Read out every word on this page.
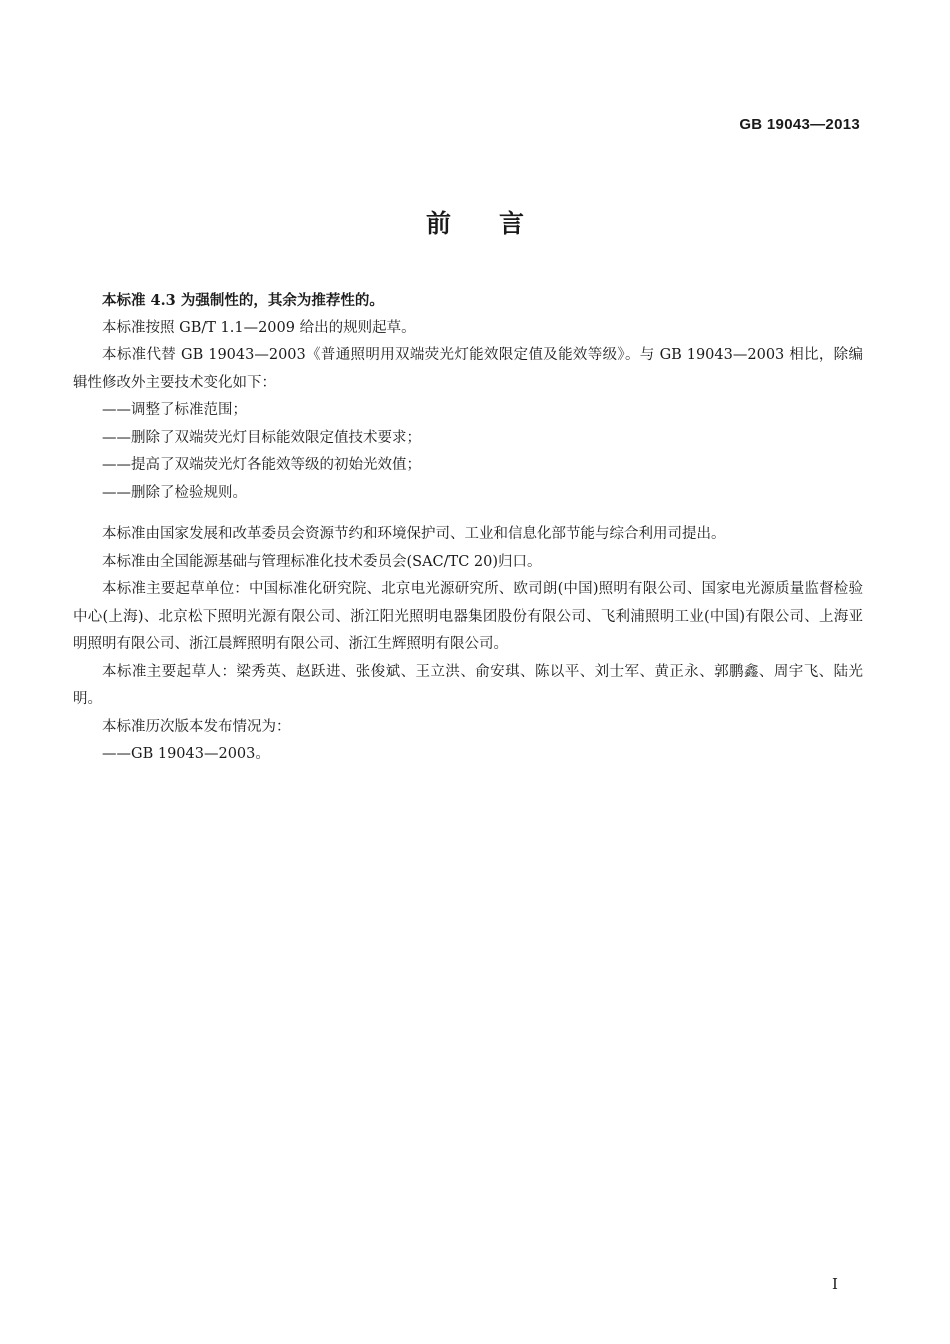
GB 19043—2013
前言

本标准 4.3 为强制性的，其余为推荐性的。

本标准按照 GB/T 1.1—2009 给出的规则起草。

本标准代替 GB 19043—2003《普通照明用双端荧光灯能效限定值及能效等级》。与 GB 19043—2003 相比，除编辑性修改外主要技术变化如下：

——调整了标准范围；

——删除了双端荧光灯目标能效限定值技术要求；

——提高了双端荧光灯各能效等级的初始光效值；

——删除了检验规则。

本标准由国家发展和改革委员会资源节约和环境保护司、工业和信息化部节能与综合利用司提出。

本标准由全国能源基础与管理标准化技术委员会(SAC/TC 20)归口。

本标准主要起草单位：中国标准化研究院、北京电光源研究所、欧司朗(中国)照明有限公司、国家电光源质量监督检验中心(上海)、北京松下照明光源有限公司、浙江阳光照明电器集团股份有限公司、飞利浦照明工业(中国)有限公司、上海亚明照明有限公司、浙江晨辉照明有限公司、浙江生辉照明有限公司。

本标准主要起草人：梁秀英、赵跃进、张俊斌、王立洪、俞安琪、陈以平、刘士军、黄正永、郭鹏鑫、周宇飞、陆光明。

本标准历次版本发布情况为：

——GB 19043—2003。

I
